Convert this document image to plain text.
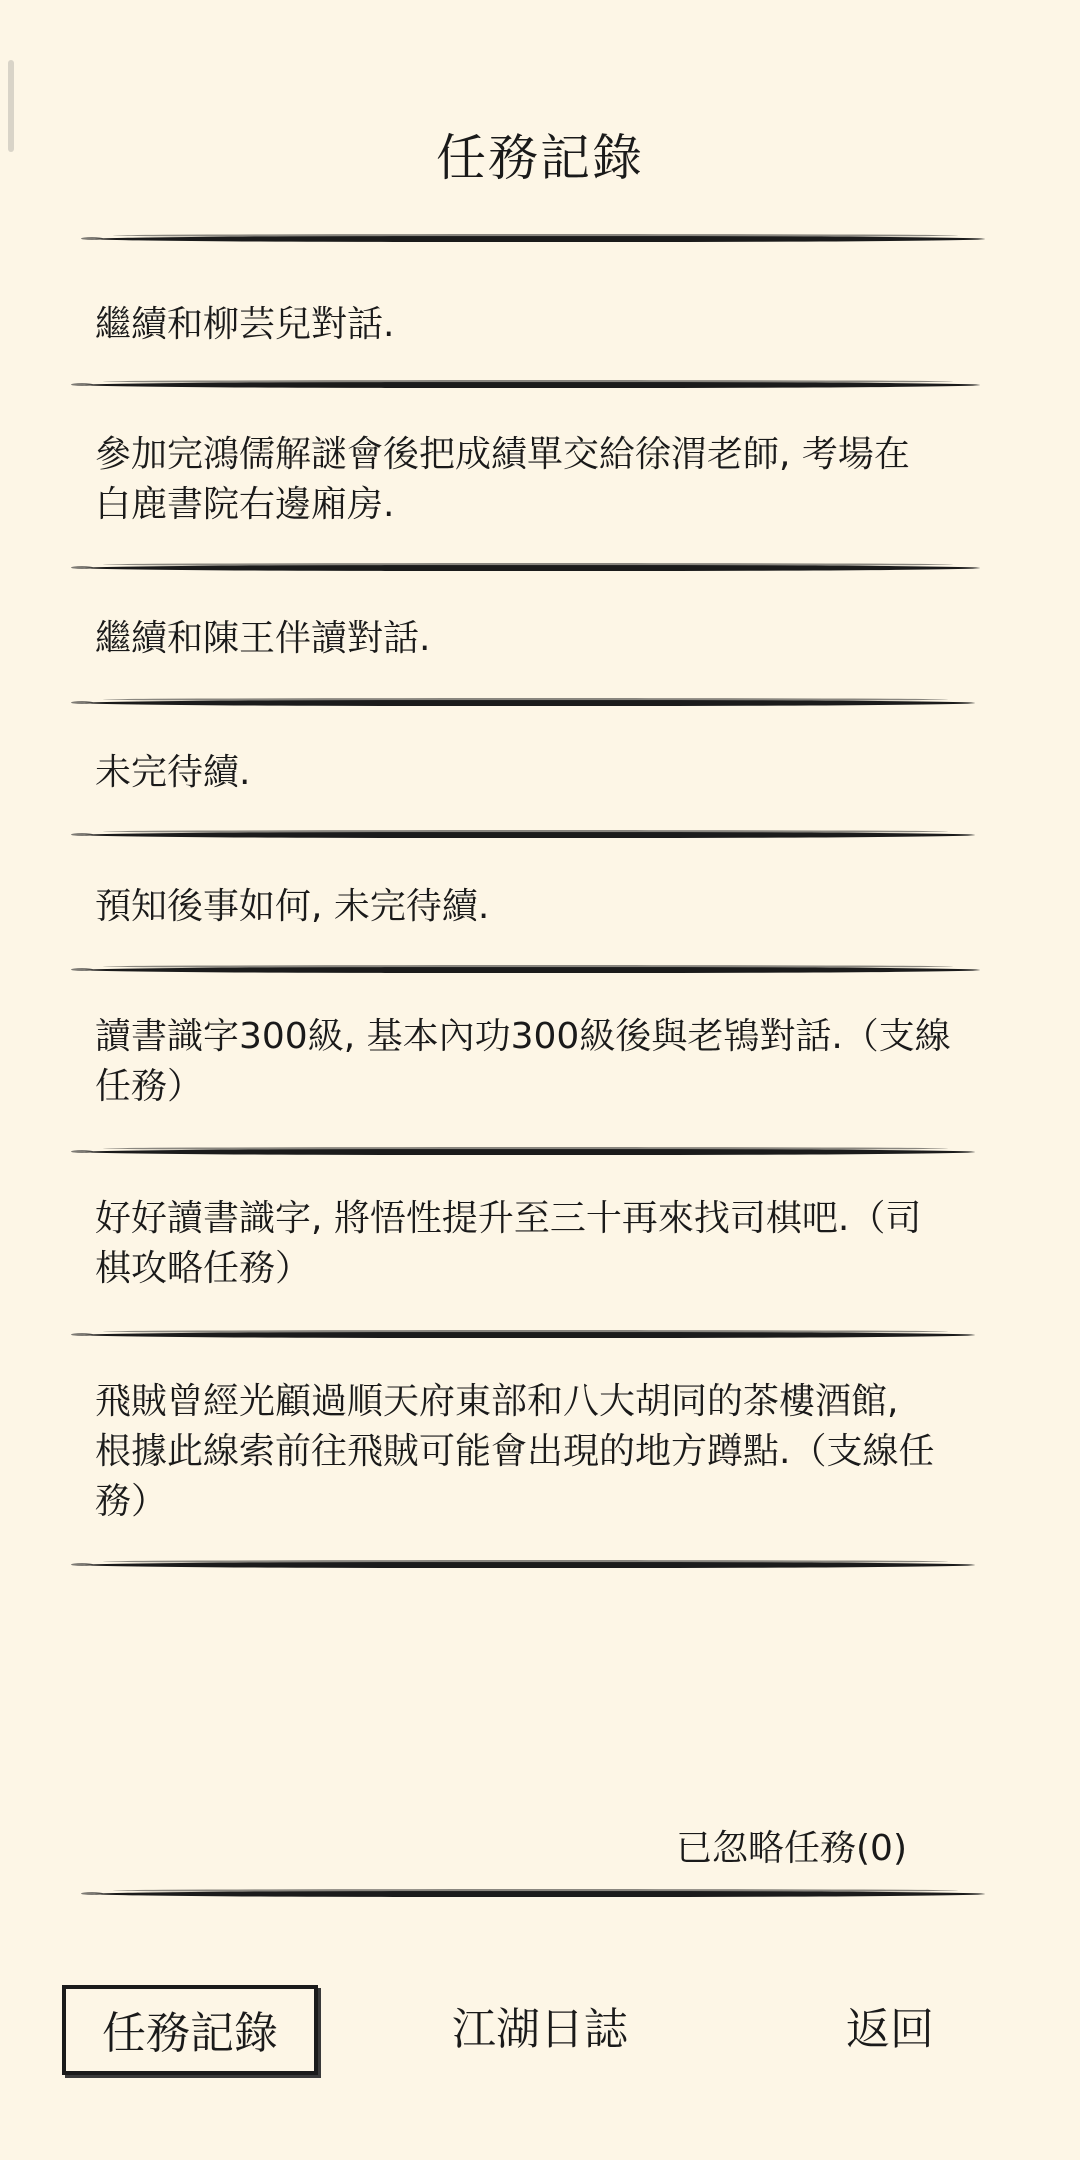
任務記錄
繼續和柳芸兒對話.
參加完鴻儒解謎會後把成績單交給徐渭老師, 考場在
白鹿書院右邊廂房.
繼續和陳王伴讀對話.
未完待續.
預知後事如何, 未完待續.
讀書識字300級, 基本內功300級後與老鴇對話.（支線
任務）
好好讀書識字, 將悟性提升至三十再來找司棋吧.（司
棋攻略任務）
飛賊曾經光顧過順天府東部和八大胡同的茶樓酒館,
根據此線索前往飛賊可能會出現的地方蹲點.（支線任
務）
已忽略任務(0)
任務記錄	江湖日誌	返回
